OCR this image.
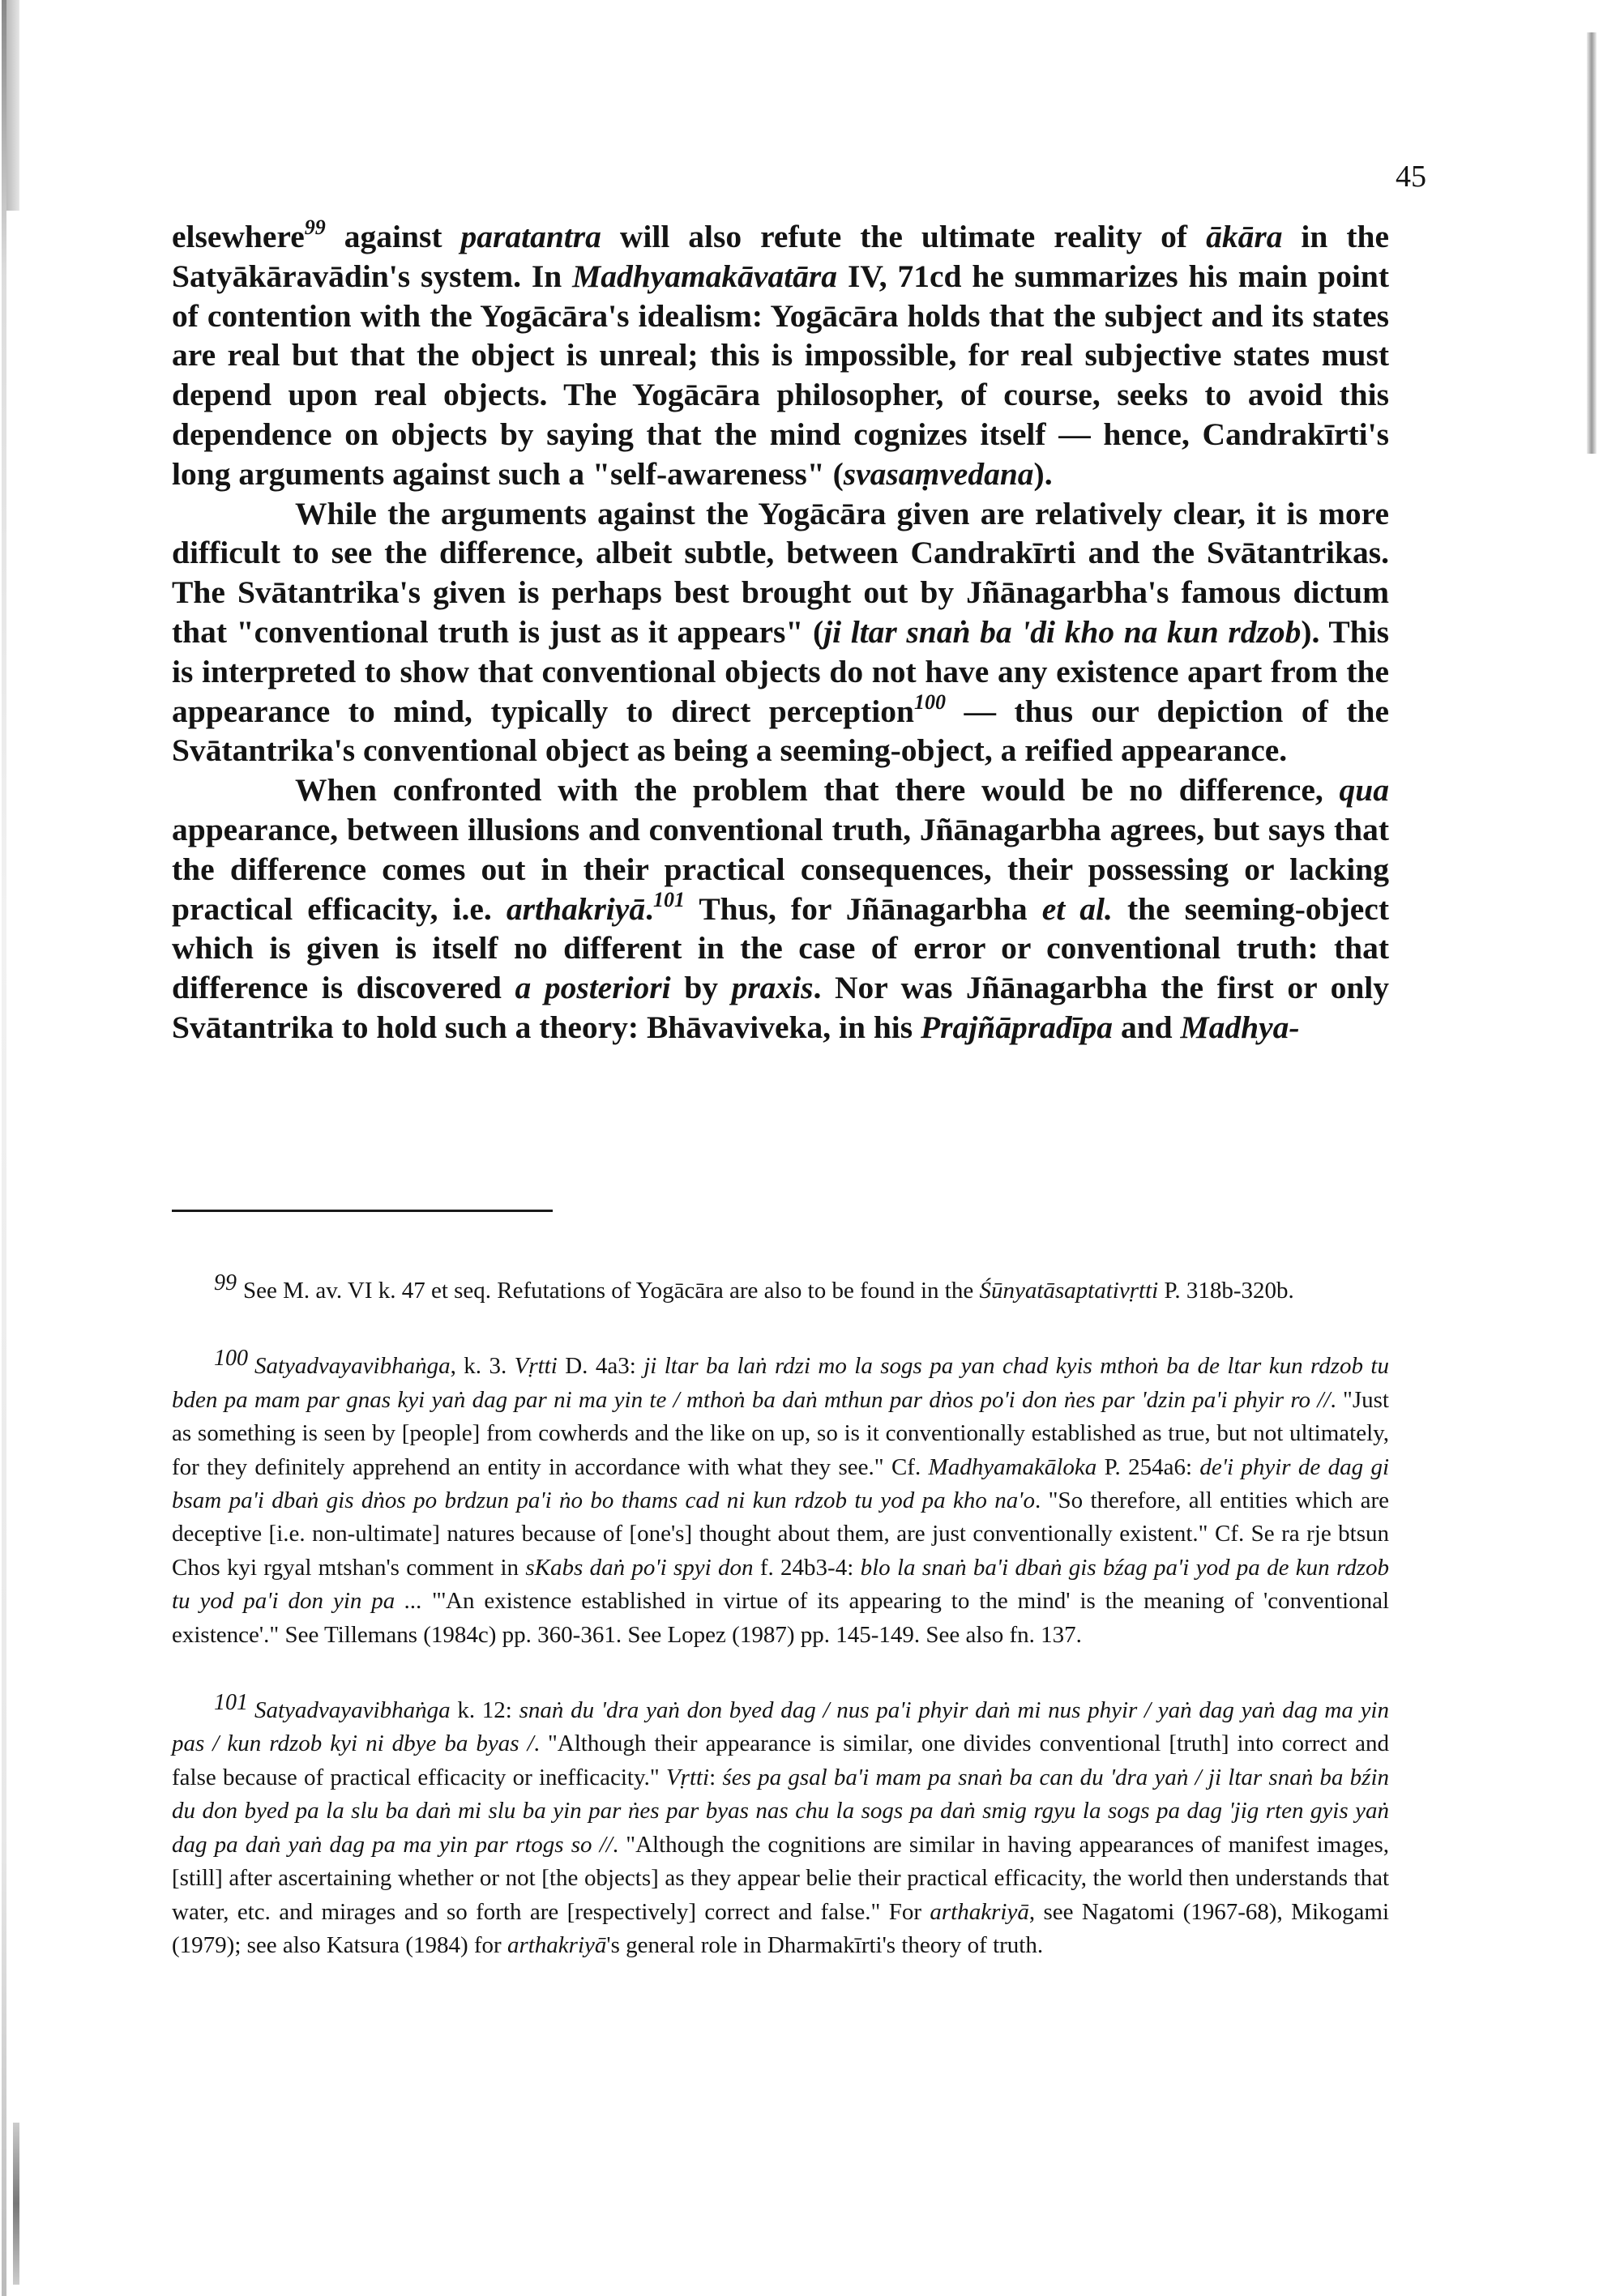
45

elsewhere$^{99}$ against paratantra will also refute the ultimate reality of ākāra in the Satyākāravādin's system. In Madhyamakāvatāra IV, 71cd he summarizes his main point of contention with the Yogācāra's idealism: Yogācāra holds that the subject and its states are real but that the object is unreal; this is impossible, for real subjective states must depend upon real objects. The Yogācāra philosopher, of course, seeks to avoid this dependence on objects by saying that the mind cognizes itself — hence, Candrakīrti's long arguments against such a "self-awareness" (svasaṃvedana).

While the arguments against the Yogācāra given are relatively clear, it is more difficult to see the difference, albeit subtle, between Candrakīrti and the Svātantrikas. The Svātantrika's given is perhaps best brought out by Jñānagarbha's famous dictum that "conventional truth is just as it appears" (ji ltar snaṅ ba 'di kho na kun rdzob). This is interpreted to show that conventional objects do not have any existence apart from the appearance to mind, typically to direct perception$^{100}$ — thus our depiction of the Svātantrika's conventional object as being a seeming-object, a reified appearance.

When confronted with the problem that there would be no difference, qua appearance, between illusions and conventional truth, Jñānagarbha agrees, but says that the difference comes out in their practical consequences, their possessing or lacking practical efficacity, i.e. arthakriyā.$^{101}$ Thus, for Jñānagarbha et al. the seeming-object which is given is itself no different in the case of error or conventional truth: that difference is discovered a posteriori by praxis. Nor was Jñānagarbha the first or only Svātantrika to hold such a theory: Bhāvaviveka, in his Prajñāpradīpa and Madhya-

99 See M. av. VI k. 47 et seq. Refutations of Yogācāra are also to be found in the Śūnyatāsaptativṛtti P. 318b-320b.

100 Satyadvayavibhaṅga, k. 3. Vṛtti D. 4a3: ji ltar ba laṅ rdzi mo la sogs pa yan chad kyis mthoṅ ba de ltar kun rdzob tu bden pa mam par gnas kyi yaṅ dag par ni ma yin te / mthoṅ ba daṅ mthun par dṅos po'i don ṅes par 'dzin pa'i phyir ro //. "Just as something is seen by [people] from cowherds and the like on up, so is it conventionally established as true, but not ultimately, for they definitely apprehend an entity in accordance with what they see." Cf. Madhyamakāloka P. 254a6: de'i phyir de dag gi bsam pa'i dbaṅ gis dṅos po brdzun pa'i ṅo bo thams cad ni kun rdzob tu yod pa kho na'o. "So therefore, all entities which are deceptive [i.e. non-ultimate] natures because of [one's] thought about them, are just conventionally existent." Cf. Se ra rje btsun Chos kyi rgyal mtshan's comment in sKabs daṅ po'i spyi don f. 24b3-4: blo la snaṅ ba'i dbaṅ gis bźag pa'i yod pa de kun rdzob tu yod pa'i don yin pa ... "'An existence established in virtue of its appearing to the mind' is the meaning of 'conventional existence'." See Tillemans (1984c) pp. 360-361. See Lopez (1987) pp. 145-149. See also fn. 137.

101 Satyadvayavibhaṅga k. 12: snaṅ du 'dra yaṅ don byed dag / nus pa'i phyir daṅ mi nus phyir / yaṅ dag yaṅ dag ma yin pas / kun rdzob kyi ni dbye ba byas /. "Although their appearance is similar, one divides conventional [truth] into correct and false because of practical efficacity or inefficacity." Vṛtti: śes pa gsal ba'i mam pa snaṅ ba can du 'dra yaṅ / ji ltar snaṅ ba bźin du don byed pa la slu ba daṅ mi slu ba yin par ṅes par byas nas chu la sogs pa daṅ smig rgyu la sogs pa dag 'jig rten gyis yaṅ dag pa daṅ yaṅ dag pa ma yin par rtogs so //. "Although the cognitions are similar in having appearances of manifest images, [still] after ascertaining whether or not [the objects] as they appear belie their practical efficacity, the world then understands that water, etc. and mirages and so forth are [respectively] correct and false." For arthakriyā, see Nagatomi (1967-68), Mikogami (1979); see also Katsura (1984) for arthakriyā's general role in Dharmakīrti's theory of truth.
